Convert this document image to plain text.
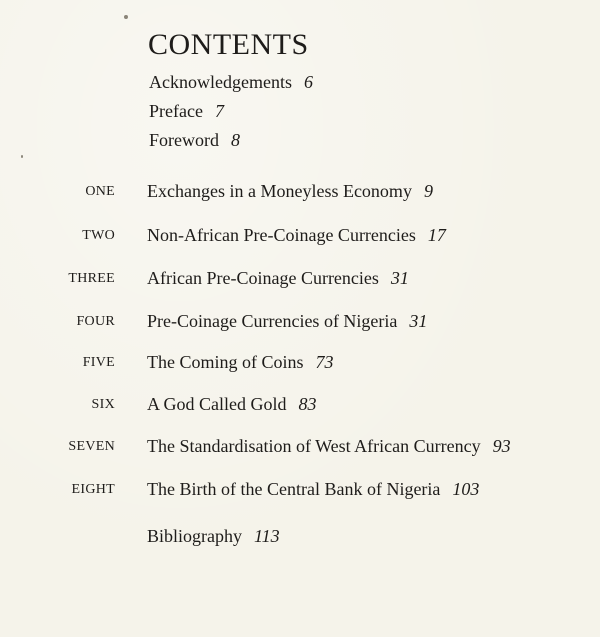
CONTENTS
Acknowledgements 6
Preface 7
Foreword 8
ONE Exchanges in a Moneyless Economy 9
TWO Non-African Pre-Coinage Currencies 17
THREE African Pre-Coinage Currencies 31
FOUR Pre-Coinage Currencies of Nigeria 31
FIVE The Coming of Coins 73
SIX A God Called Gold 83
SEVEN The Standardisation of West African Currency 93
EIGHT The Birth of the Central Bank of Nigeria 103
Bibliography 113
